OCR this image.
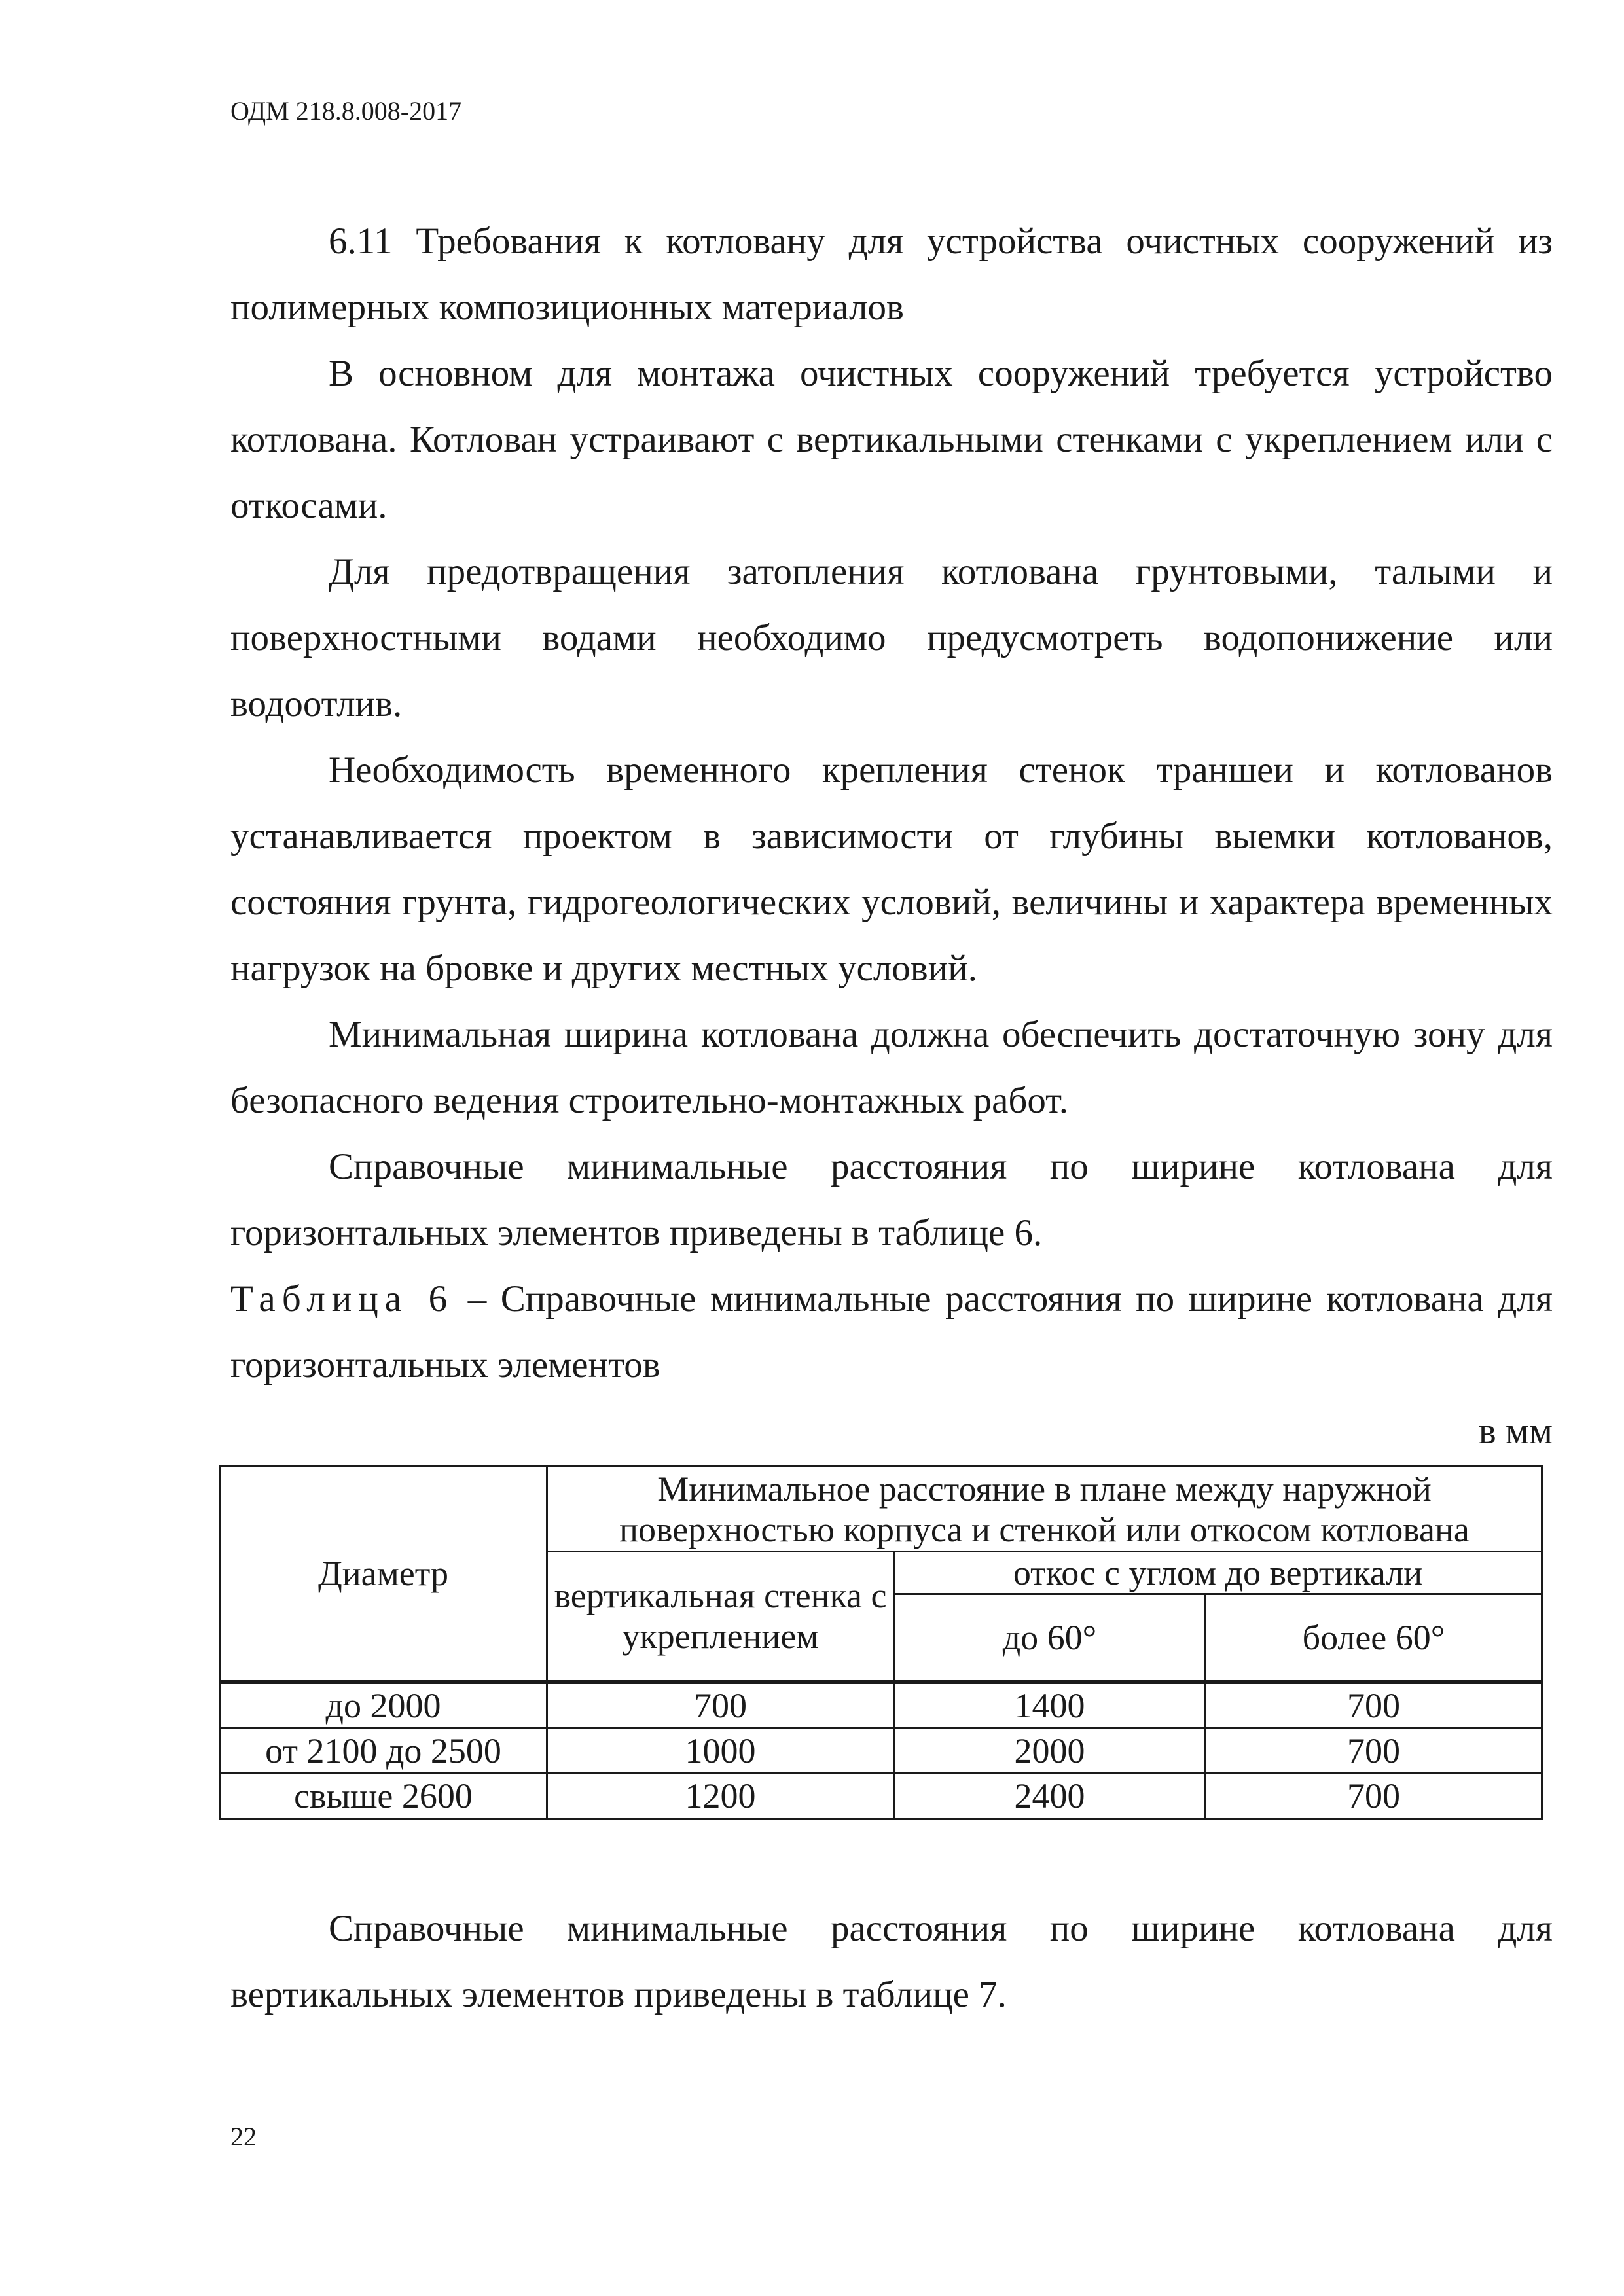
ОДМ 218.8.008-2017

6.11 Требования к котловану для устройства очистных сооружений из полимерных композиционных материалов

В основном для монтажа очистных сооружений требуется устройство котлована. Котлован устраивают с вертикальными стенками с укреплением или с откосами.

Для предотвращения затопления котлована грунтовыми, талыми и поверхностными водами необходимо предусмотреть водопонижение или водоотлив.

Необходимость временного крепления стенок траншеи и котлованов устанавливается проектом в зависимости от глубины выемки котлованов, состояния грунта, гидрогеологических условий, величины и характера временных нагрузок на бровке и других местных условий.

Минимальная ширина котлована должна обеспечить достаточную зону для безопасного ведения строительно-монтажных работ.

Справочные минимальные расстояния по ширине котлована для горизонтальных элементов приведены в таблице 6.

Таблица 6 – Справочные минимальные расстояния по ширине котлована для горизонтальных элементов

в мм

Диаметр	Минимальное расстояние в плане между наружной поверхностью корпуса и стенкой или откосом котлована		
	вертикальная стенка с укреплением	откос с углом до вертикали	
		до 60°	более 60°
до 2000	700	1400	700
от 2100 до 2500	1000	2000	700
свыше 2600	1200	2400	700

Справочные минимальные расстояния по ширине котлована для вертикальных элементов приведены в таблице 7.

22
